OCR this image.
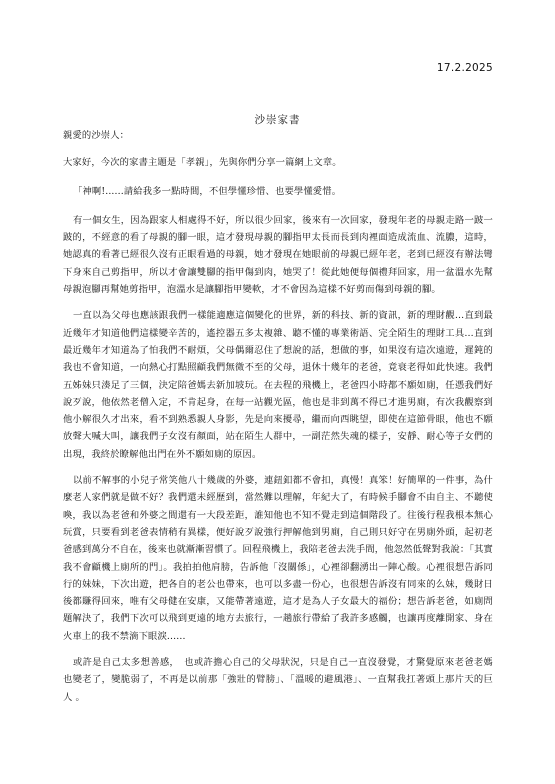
17.2.2025
沙崇家書

親愛的沙崇人：

大家好，今次的家書主題是「孝親」，先與你們分享一篇網上文章。

「神啊!......請給我多一點時間，不但學懂珍惜、也要學懂愛惜。

有一個女生，因為跟家人相處得不好，所以很少回家，後來有一次回家，發現年老的母親走路一跛一跛的，不經意的看了母親的腳一眼，這才發現母親的腳指甲太長而長到肉裡面造成流血、流膿，這時，她認真的看著已經很久沒有正眼看過的母親，她才發現在她眼前的母親已經年老，老到已經沒有辦法彎下身來自己剪指甲，所以才會讓雙腳的指甲傷到肉，她哭了！從此她便每個禮拜回家，用一盆溫水先幫母親泡腳再幫她剪指甲，泡溫水是讓腳指甲變軟，才不會因為這樣不好剪而傷到母親的腳。

一直以為父母也應該跟我們一樣能適應這個變化的世界，新的科技、新的資訊，新的理財觀…直到最近幾年才知道他們這樣變辛苦的，遙控器五多太複雜、聽不懂的專業術語、完全陌生的理財工具…直到最近幾年才知道為了怕我們不耐煩，父母偶爾忍住了想說的話，想做的事，如果沒有這次遠遊，遲鈍的我也不會知道，一向熱心打點照顧我們無微不至的父母，退休十幾年的老爸，竟衰老得如此快速。我們五姊妹只湊足了三個，決定陪爸媽去新加坡玩。在去程的飛機上，老爸四小時都不願如廁，任憑我們好說歹說，他依然老僧入定，不肯起身，在每一站觀光區，他也是非到萬不得已才進男廁，有次我觀察到他小解很久才出來，看不到熟悉親人身影，先是向來擾尋，繼而向西眺望，即使在這節骨眼，他也不願放聲大喊大叫，讓我們子女沒有顏面，站在陌生人群中，一副茫然失魂的樣子，安靜、耐心等子女們的出現，我終於瞭解他出門在外不願如廁的原因。

以前不解事的小兒子常笑他八十幾歲的外婆，連鈕釦都不會扣，真慢！真笨！好簡單的一件事，為什麼老人家們就是做不好？我們還未經歷到，當然難以理解，年紀大了，有時候手腳會不由自主、不聽使喚，我以為老爸和外婆之間還有一大段差距，誰知他也不知不覺走到這個階段了。往後行程我根本無心玩賞，只要看到老爸表情稍有異樣，便好說歹說強行押解他到男廁，自己則只好守在男廁外頭，起初老爸感到萬分不自在，後來也就漸漸習慣了。回程飛機上，我陪老爸去洗手間，他忽然低聲對我說：「其實我不會顧機上廁所的門」。我拍拍他肩膀，告訴他「沒關係」，心裡卻翻湧出一陣心酸。心裡很想告訴同行的妹妹，下次出遊，把各自的老公也帶來，也可以多盡一份心，也很想告訴沒有同來的么妹，幾財日後都賺得回來，唯有父母健在安康，又能帶著遠遊，這才是為人子女最大的福份；想告訴老爸，如廁問題解決了，我們下次可以飛到更遠的地方去旅行，一趟旅行帶給了我許多感觸，也讓再度離開家、身在火車上的我不禁滴下眼淚......

或許是自己太多想善感，　也或許擔心自己的父母狀況，只是自己一直沒發覺，才驚覺原來老爸老媽也變老了，變脆弱了，不再是以前那「強壯的臂膀」、「溫暖的避風港」、一直幫我扛著頭上那片天的巨人 。
